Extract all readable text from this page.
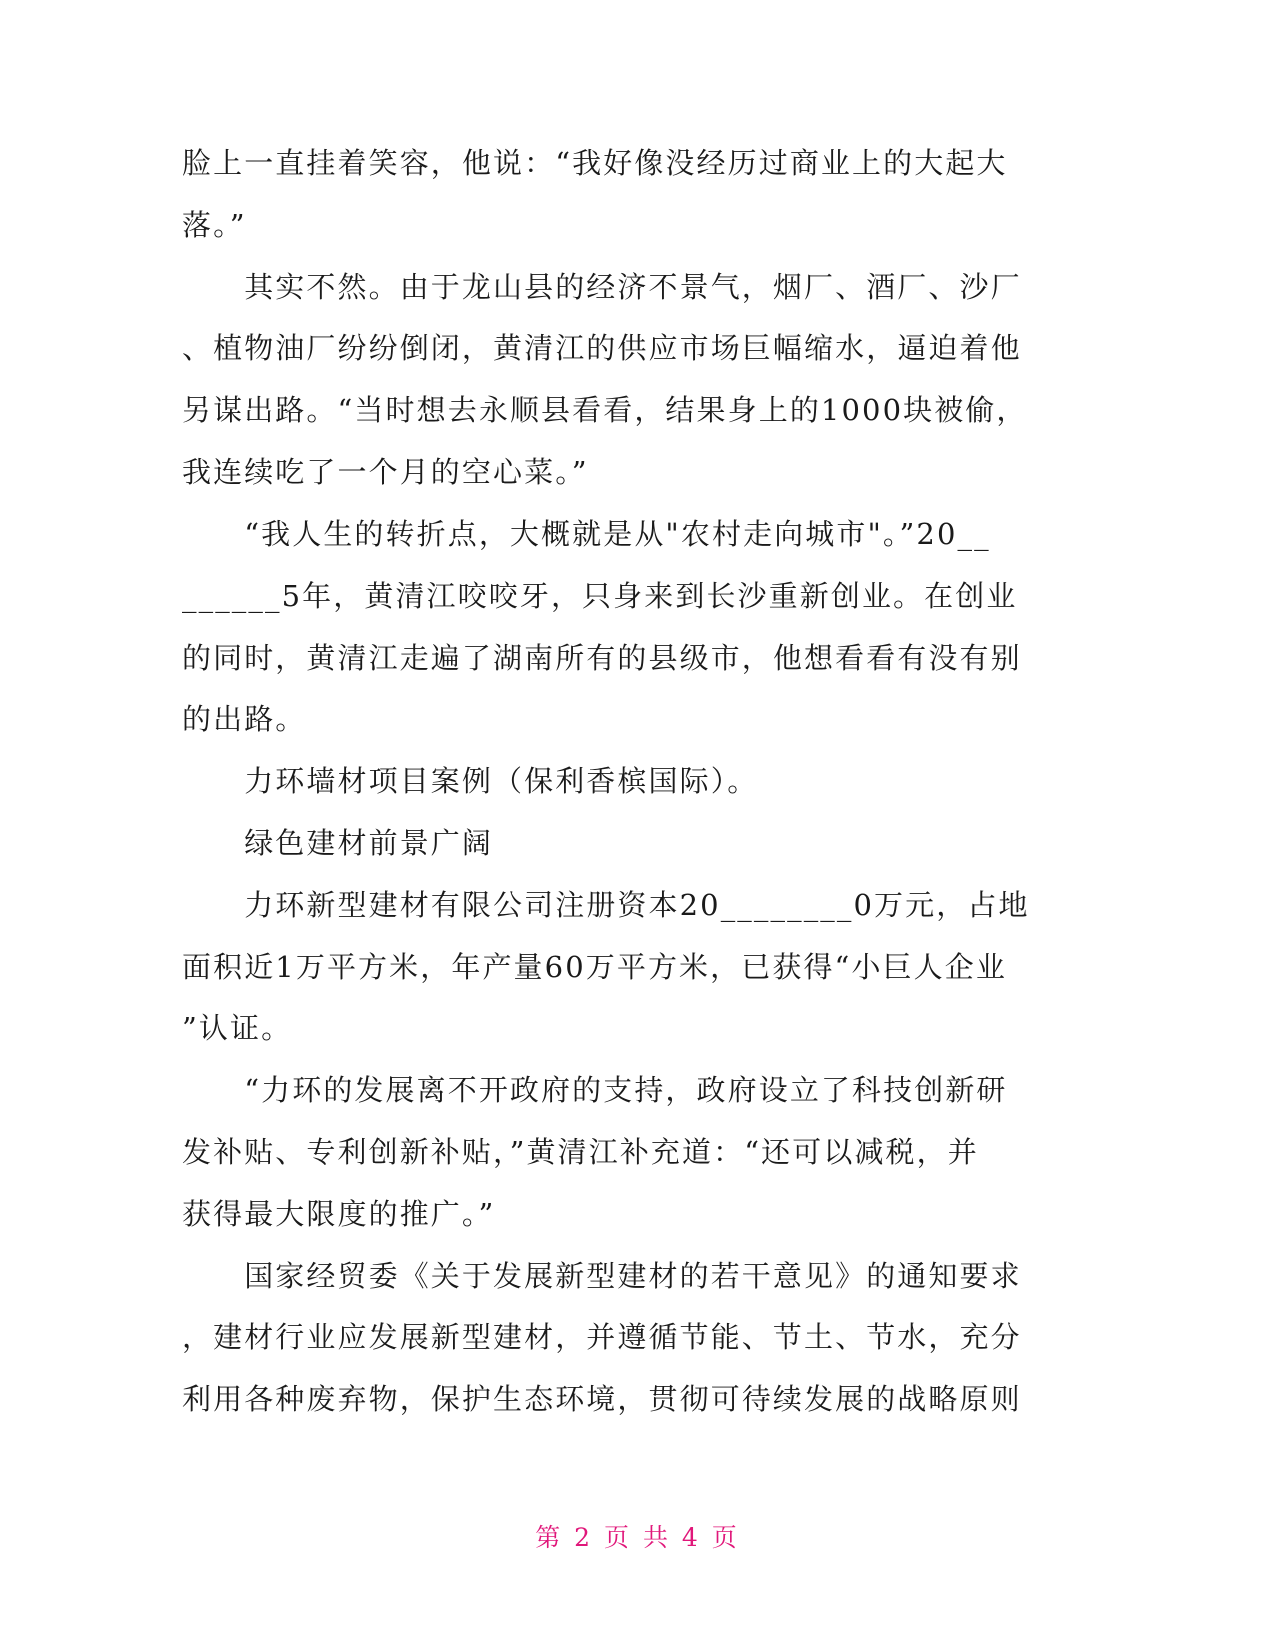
脸上一直挂着笑容，他说：“我好像没经历过商业上的大起大
落。”
　　其实不然。由于龙山县的经济不景气，烟厂、酒厂、沙厂
、植物油厂纷纷倒闭，黄清江的供应市场巨幅缩水，逼迫着他
另谋出路。“当时想去永顺县看看，结果身上的1000块被偷，
我连续吃了一个月的空心菜。”
　　“我人生的转折点，大概就是从"农村走向城市"。”20__
______5年，黄清江咬咬牙，只身来到长沙重新创业。在创业
的同时，黄清江走遍了湖南所有的县级市，他想看看有没有别
的出路。
　　力环墙材项目案例（保利香槟国际）。
　　绿色建材前景广阔
　　力环新型建材有限公司注册资本20________0万元，占地
面积近1万平方米，年产量60万平方米，已获得“小巨人企业
”认证。
　　“力环的发展离不开政府的支持，政府设立了科技创新研
发补贴、专利创新补贴，”黄清江补充道：“还可以减税，并
获得最大限度的推广。”
　　国家经贸委《关于发展新型建材的若干意见》的通知要求
，建材行业应发展新型建材，并遵循节能、节土、节水，充分
利用各种废弃物，保护生态环境，贯彻可待续发展的战略原则
第 2 页 共 4 页
